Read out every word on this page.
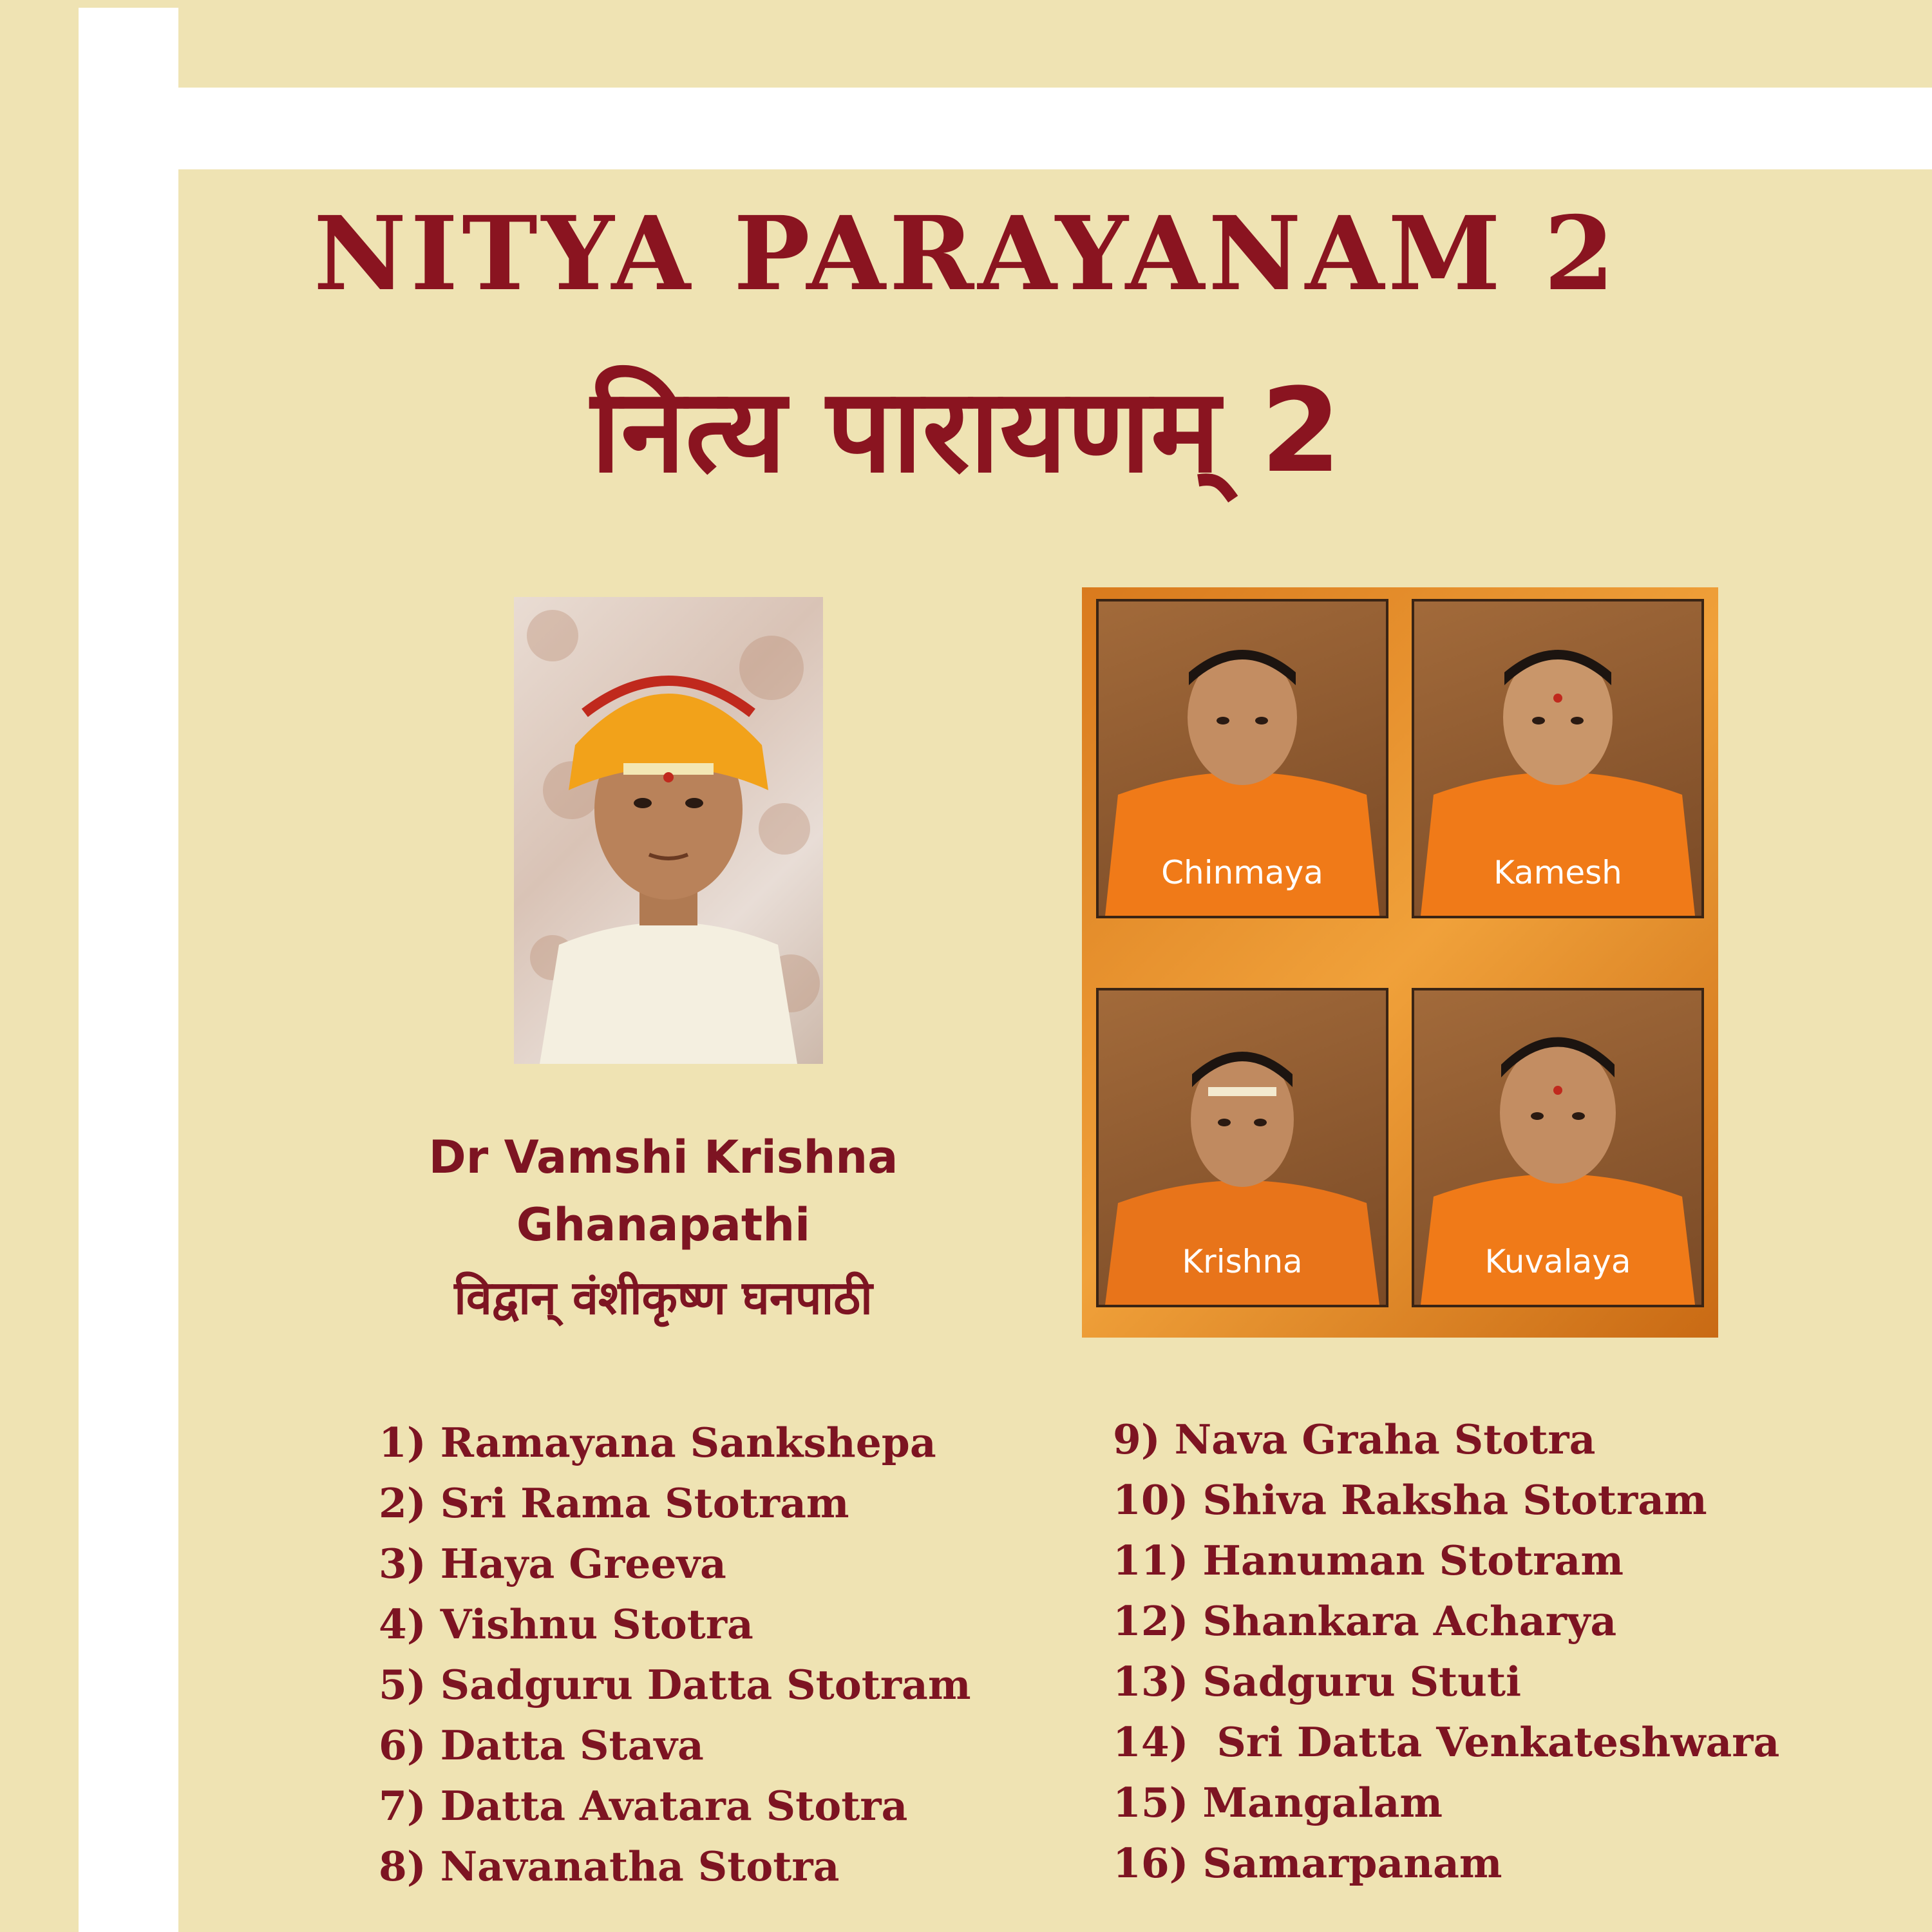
NITYA PARAYANAM 2
नित्य पारायणम् 2
Chinmaya	Kamesh
Krishna	Kuvalaya
Dr Vamshi Krishna
Ghanapathi
विद्वान् वंशीकृष्ण घनपाठी
1) Ramayana Sankshepa
2) Sri Rama Stotram
3) Haya Greeva
4) Vishnu Stotra
5) Sadguru Datta Stotram
6) Datta Stava
7) Datta Avatara Stotra
8) Navanatha Stotra
9) Nava Graha Stotra
10) Shiva Raksha Stotram
11) Hanuman Stotram
12) Shankara Acharya
13) Sadguru Stuti
14)  Sri Datta Venkateshwara
15) Mangalam
16) Samarpanam
